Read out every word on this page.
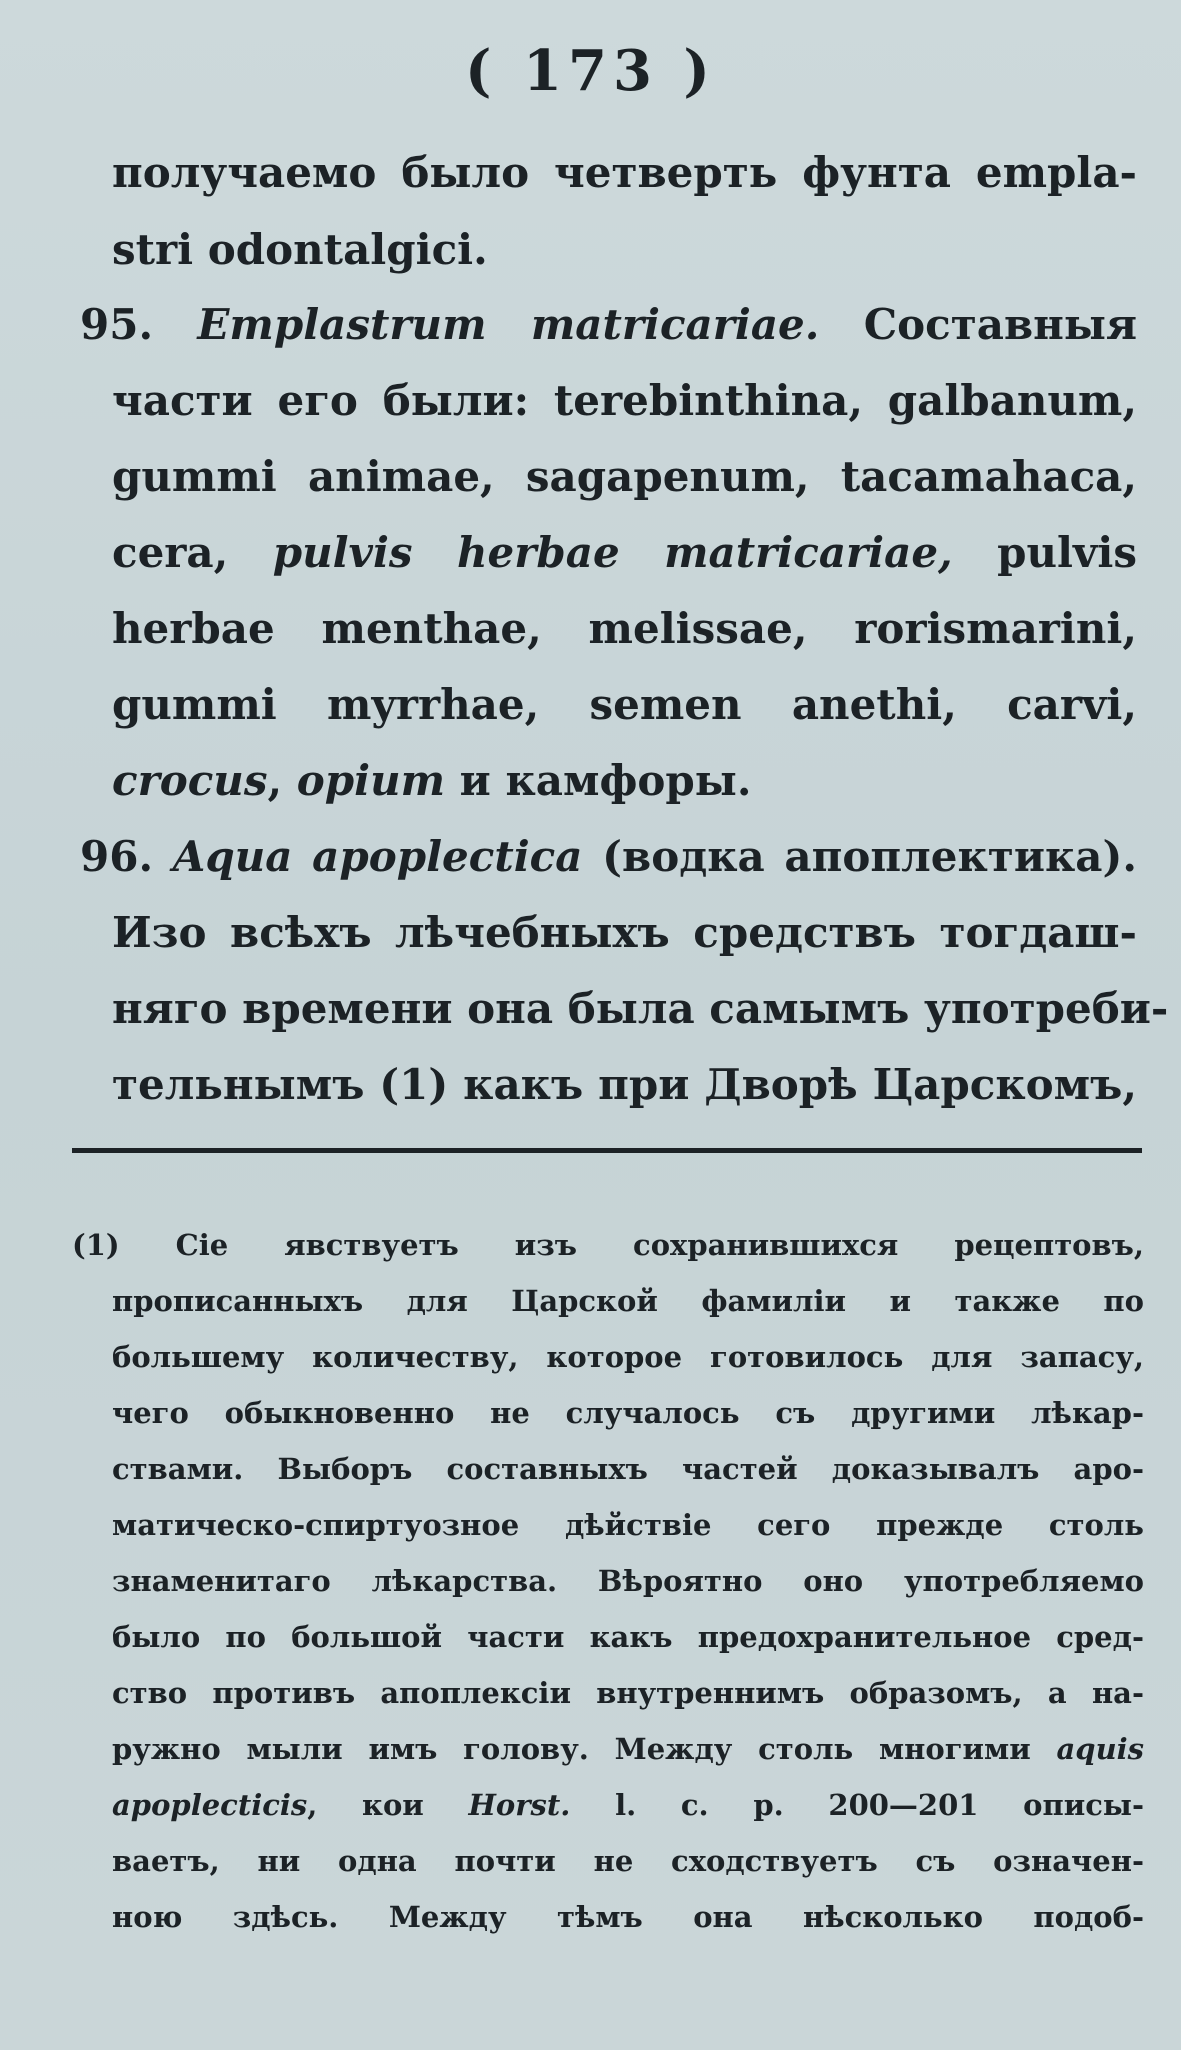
( 173 )
получаемо было четверть фунта empla-
stri odontalgici.
95. Emplastrum matricariae. Составныя
части его были: terebinthina, galbanum,
gummi animae, sagapenum, tacamahaca,
cera, pulvis herbae matricariae, pulvis
herbae menthae, melissae, rorismarini,
gummi myrrhae, semen anethi, carvi,
crocus, opium и камфоры.
96. Aqua apoplectica (водка апоплектика).
Изо всѣхъ лѣчебныхъ средствъ тогдаш-
няго времени она была самымъ употреби-
тельнымъ (1) какъ при Дворѣ Царскомъ,
(1) Сіе явствуетъ изъ сохранившихся рецептовъ,
прописанныхъ для Царской фамиліи и также по
большему количеству, которое готовилось для запасу,
чего обыкновенно не случалось съ другими лѣкар-
ствами. Выборъ составныхъ частей доказывалъ аро-
матическо-спиртуозное дѣйствіе сего прежде столь
знаменитаго лѣкарства. Вѣроятно оно употребляемо
было по большой части какъ предохранительное сред-
ство противъ апоплексіи внутреннимъ образомъ, а на-
ружно мыли имъ голову. Между столь многими aquis
apoplecticis, кои Horst. l. c. p. 200—201 описы-
ваетъ, ни одна почти не сходствуетъ съ означен-
ною здѣсь. Между тѣмъ она нѣсколько подоб-
